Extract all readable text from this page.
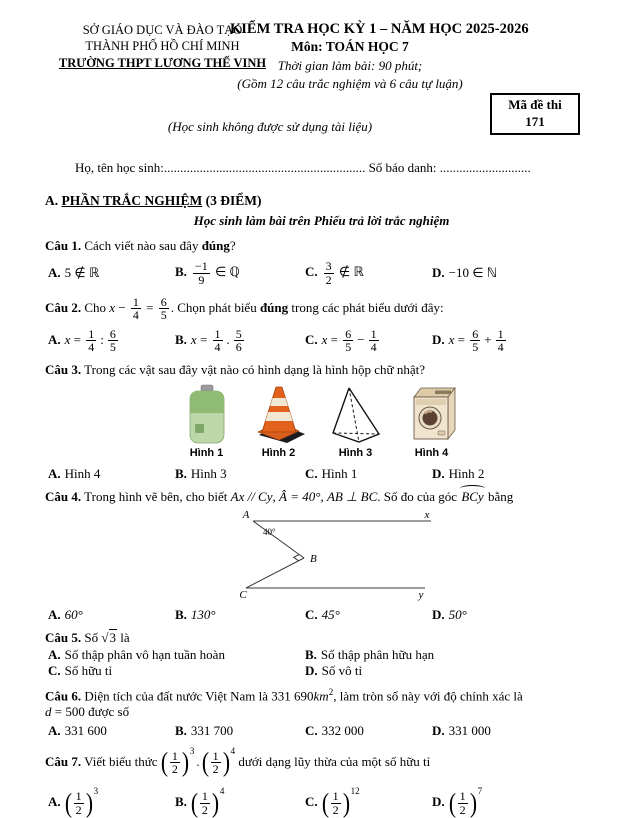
SỞ GIÁO DỤC VÀ ĐÀO TẠO
THÀNH PHỐ HỒ CHÍ MINH
TRƯỜNG THPT LƯƠNG THẾ VINH
KIỂM TRA HỌC KỲ 1 – NĂM HỌC 2025-2026
Môn: TOÁN HỌC 7
Thời gian làm bài: 90 phút;
(Gồm 12 câu trắc nghiệm và 6 câu tự luận)
Mã đề thi
171
(Học sinh không được sử dụng tài liệu)
Họ, tên học sinh:.............................................................. Số báo danh: ............................
A. PHẦN TRẮC NGHIỆM (3 ĐIỂM)
Học sinh làm bài trên Phiếu trả lời trắc nghiệm
Câu 1. Cách viết nào sau đây đúng?
A. 5 ∉ ℝ	B. $\frac{-1}{9}$ ∈ ℚ	C. $\frac{3}{2}$ ∉ ℝ	D. −10 ∈ ℕ
Câu 2. Cho $x - \frac{1}{4} = \frac{6}{5}$ . Chọn phát biểu đúng trong các phát biểu dưới đây:
A. $x = \frac{1}{4}$ : $\frac{6}{5}$	B. $x = \frac{1}{4}$ . $\frac{5}{6}$	C. $x = \frac{6}{5} - \frac{1}{4}$	D. $x = \frac{6}{5} + \frac{1}{4}$
Câu 3. Trong các vật sau đây vật nào có hình dạng là hình hộp chữ nhật?
Hình 1	Hình 2	Hình 3	Hình 4
A. Hình 4	B. Hình 3	C. Hình 1	D. Hình 2
Câu 4. Trong hình vẽ bên, cho biết Ax // Cy, Â = 40°, AB ⊥ BC. Số đo của góc BCy bằng
A	x
B
C	y
40°
A. 60°	B. 130°	C. 45°	D. 50°
Câu 5. Số √3 là
A. Số thập phân vô hạn tuần hoàn	B. Số thập phân hữu hạn
C. Số hữu tỉ	D. Số vô tỉ
Câu 6. Diện tích của đất nước Việt Nam là 331 $690km^2$, làm tròn số này với độ chính xác là
d = 500 được số
A. 331 600	B. 331 700	C. 332 000	D. 331 000
Câu 7. Viết biểu thức ( $\frac{1}{2}$ ) 3
. ( $\frac{1}{2}$ ) 4
dưới dạng lũy thừa của một số hữu tỉ
A. ( $\frac{1}{2}$ ) 3
B. ( $\frac{1}{2}$ ) 4
C. ( $\frac{1}{2}$ ) 12
D. ( $\frac{1}{2}$ ) 7
